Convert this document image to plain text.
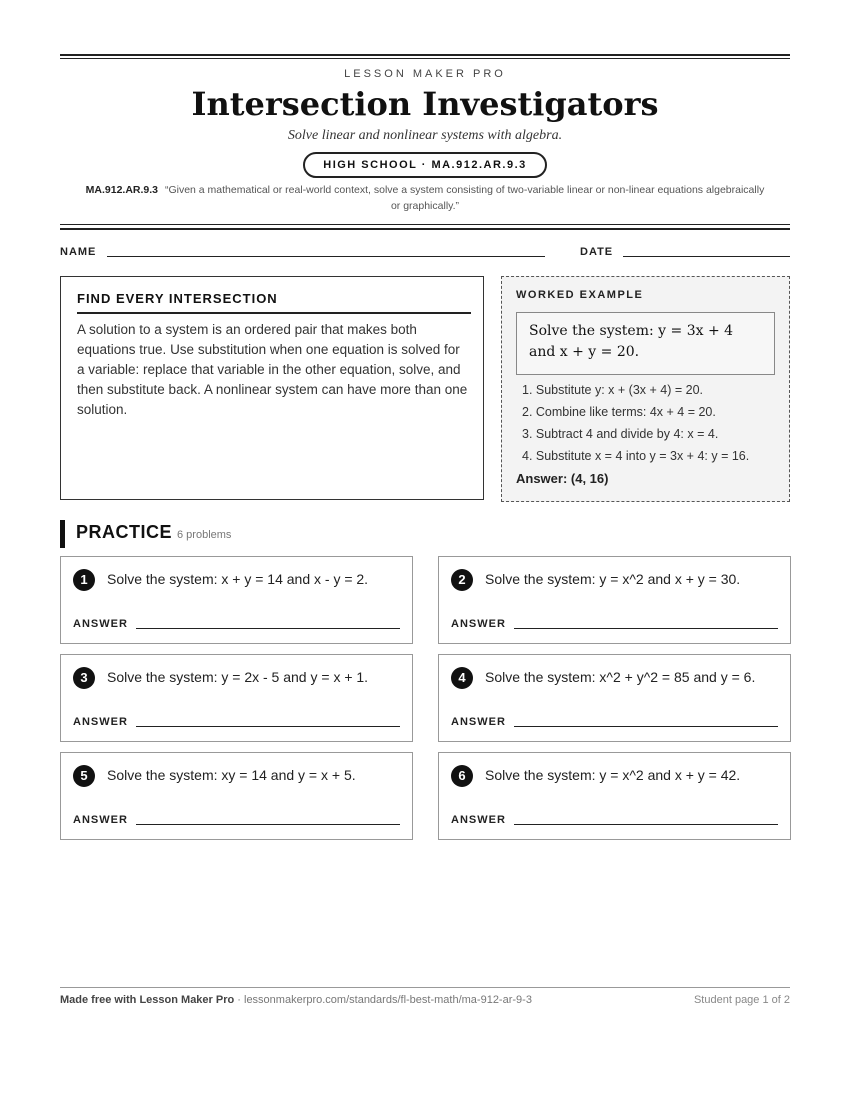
LESSON MAKER PRO
Intersection Investigators
Solve linear and nonlinear systems with algebra.
HIGH SCHOOL · MA.912.AR.9.3
MA.912.AR.9.3 “Given a mathematical or real-world context, solve a system consisting of two-variable linear or non-linear equations algebraically or graphically.”
NAME	DATE
FIND EVERY INTERSECTION
A solution to a system is an ordered pair that makes both equations true. Use substitution when one equation is solved for a variable: replace that variable in the other equation, solve, and then substitute back. A nonlinear system can have more than one solution.
WORKED EXAMPLE
Solve the system: y = 3x + 4 and x + y = 20.
1. Substitute y: x + (3x + 4) = 20.
2. Combine like terms: 4x + 4 = 20.
3. Subtract 4 and divide by 4: x = 4.
4. Substitute x = 4 into y = 3x + 4: y = 16.
Answer: (4, 16)
PRACTICE 6 problems
1	Solve the system: x + y = 14 and x - y = 2.
ANSWER
2	Solve the system: y = x^2 and x + y = 30.
ANSWER
3	Solve the system: y = 2x - 5 and y = x + 1.
ANSWER
4	Solve the system: x^2 + y^2 = 85 and y = 6.
ANSWER
5	Solve the system: xy = 14 and y = x + 5.
ANSWER
6	Solve the system: y = x^2 and x + y = 42.
ANSWER
Made free with Lesson Maker Pro · lessonmakerpro.com/standards/fl-best-math/ma-912-ar-9-3	Student page 1 of 2
